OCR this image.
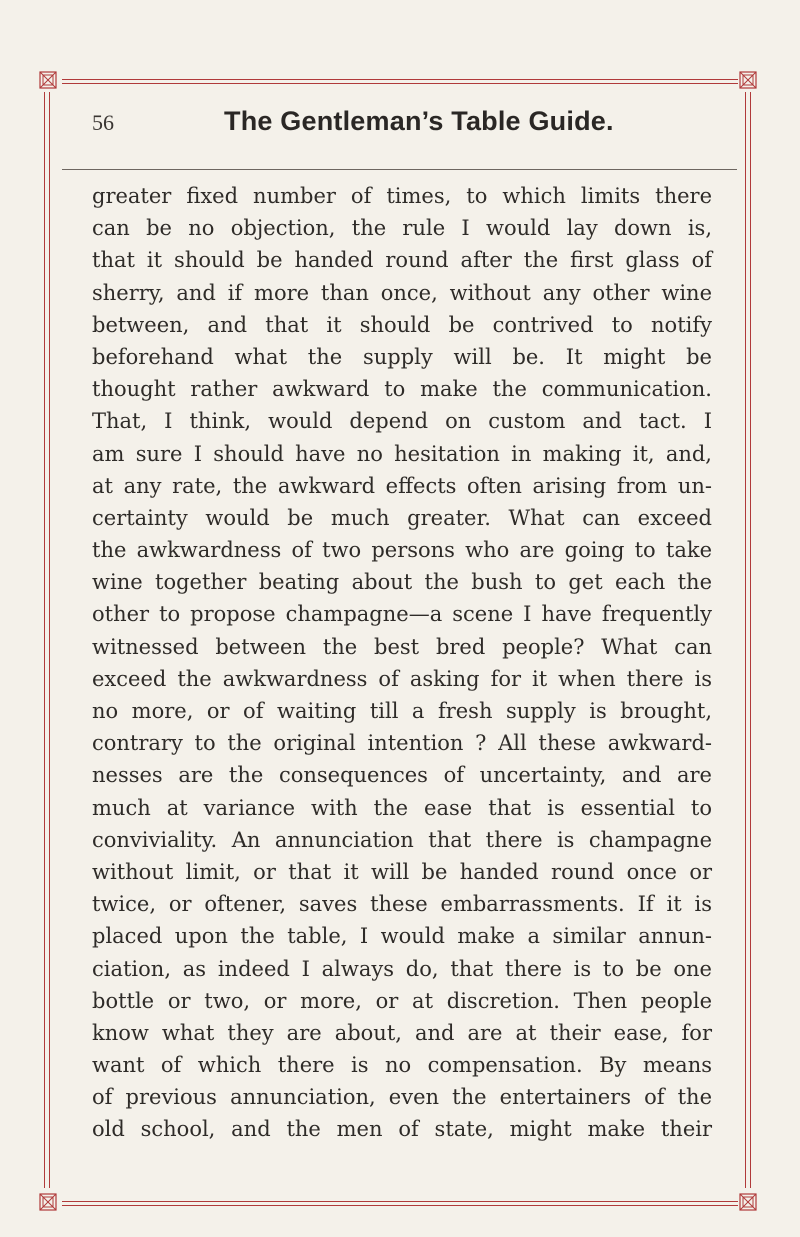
56	The Gentleman’s Table Guide.
greater fixed number of times, to which limits there
can be no objection, the rule I would lay down is,
that it should be handed round after the first glass of
sherry, and if more than once, without any other wine
between, and that it should be contrived to notify
beforehand what the supply will be. It might be
thought rather awkward to make the communication.
That, I think, would depend on custom and tact. I
am sure I should have no hesitation in making it, and,
at any rate, the awkward effects often arising from un-
certainty would be much greater. What can exceed
the awkwardness of two persons who are going to take
wine together beating about the bush to get each the
other to propose champagne—a scene I have frequently
witnessed between the best bred people? What can
exceed the awkwardness of asking for it when there is
no more, or of waiting till a fresh supply is brought,
contrary to the original intention ? All these awkward-
nesses are the consequences of uncertainty, and are
much at variance with the ease that is essential to
conviviality. An annunciation that there is champagne
without limit, or that it will be handed round once or
twice, or oftener, saves these embarrassments. If it is
placed upon the table, I would make a similar annun-
ciation, as indeed I always do, that there is to be one
bottle or two, or more, or at discretion. Then people
know what they are about, and are at their ease, for
want of which there is no compensation. By means
of previous annunciation, even the entertainers of the
old school, and the men of state, might make their
